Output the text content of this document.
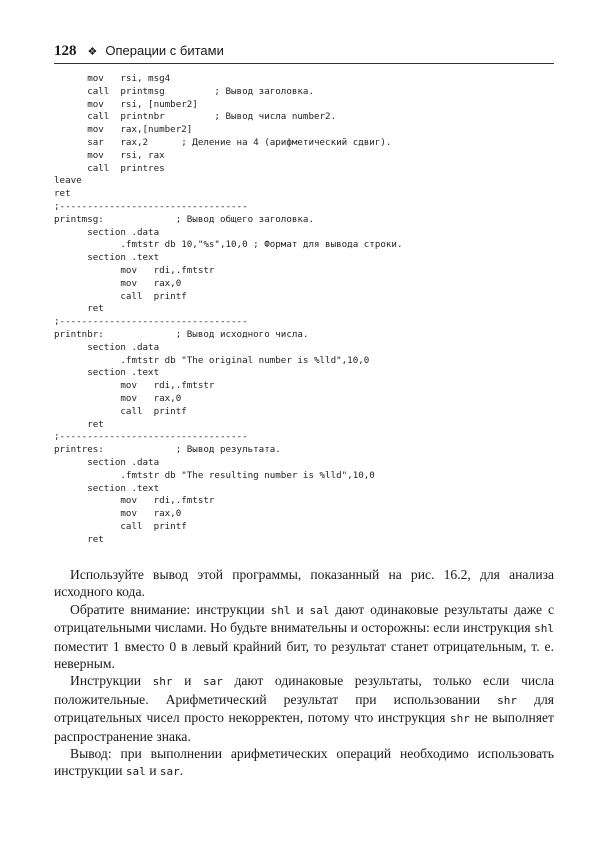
128 ❖ Операции с битами
mov   rsi, msg4
call  printmsg         ; Вывод заголовка.
mov   rsi, [number2]
call  printnbr         ; Вывод числа number2.
mov   rax,[number2]
sar   rax,2      ; Деление на 4 (арифметический сдвиг).
mov   rsi, rax
call  printres
leave
ret
;----------------------------------
printmsg:             ; Вывод общего заголовка.
section .data
.fmtstr db 10,"%s",10,0 ; Формат для вывода строки.
section .text
mov   rdi,.fmtstr
mov   rax,0
call  printf
ret
;----------------------------------
printnbr:             ; Вывод исходного числа.
section .data
.fmtstr db "The original number is %lld",10,0
section .text
mov   rdi,.fmtstr
mov   rax,0
call  printf
ret
;----------------------------------
printres:             ; Вывод результата.
section .data
.fmtstr db "The resulting number is %lld",10,0
section .text
mov   rdi,.fmtstr
mov   rax,0
call  printf
ret

Используйте вывод этой программы, показанный на рис. 16.2, для анализа исходного кода.

Обратите внимание: инструкции shl и sal дают одинаковые результаты даже с отрицательными числами. Но будьте внимательны и осторожны: если инструкция shl поместит 1 вместо 0 в левый крайний бит, то результат станет отрицательным, т. е. неверным.

Инструкции shr и sar дают одинаковые результаты, только если числа положительные. Арифметический результат при использовании shr для отрицательных чисел просто некорректен, потому что инструкция shr не выполняет распространение знака.

Вывод: при выполнении арифметических операций необходимо использовать инструкции sal и sar.
